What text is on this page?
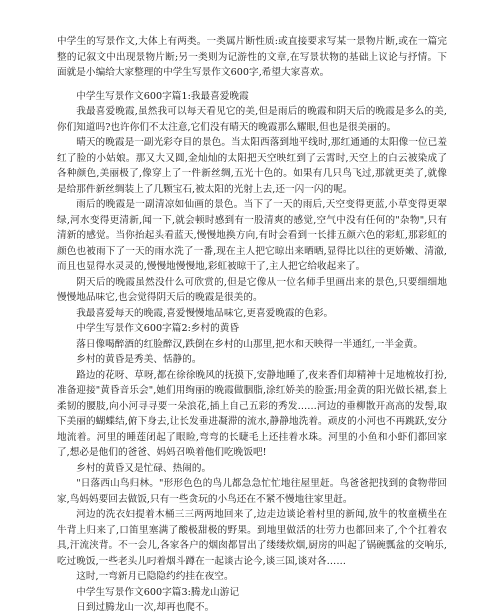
中学生的写景作文,大体上有两类。一类属片断性质:或直接要求写某一景物片断,或在一篇完整的记叙文中出现景物片断;另一类则为记游性的文章,在写景状物的基础上议论与抒情。下面就是小编给大家整理的中学生写景作文600字,希望大家喜欢。

中学生写景作文600字篇1:我最喜爱晚霞

我最喜爱晚霞,虽然我可以每天看见它的美,但是雨后的晚霞和阴天后的晚霞是多么的美,你们知道吗?也许你们不太注意,它们没有晴天的晚霞那么耀眼,但也是很美丽的。

晴天的晚霞是一副光彩夺目的景色。当太阳西落到地平线时,那红通通的太阳像一位已羞红了脸的小姑娘。那又大又圆,金灿灿的太阳把天空映红到了云霄时,天空上的白云被染成了各种颜色,美丽极了,像穿上了一件新丝绸,五光十色的。如果有几只鸟飞过,那就更美了,就像是给那件新丝绸装上了几颗宝石,被太阳的光射上去,还一闪一闪的呢。

雨后的晚霞是一副清凉如仙画的景色。当下了一天的雨后,天空变得更蓝,小草变得更翠绿,河水变得更清新,闻一下,就会顿时感到有一股清爽的感觉,空气中没有任何的"杂物",只有清新的感觉。当你抬起头看蓝天,慢慢地换方向,有时会看到一长排五颜六色的彩虹,那彩虹的颜色也被雨下了一天的雨水洗了一番,现在主人把它晾出来晒晒,显得比以往的更娇嫩、清澈,而且也显得水灵灵的,慢慢地慢慢地,彩虹被晾干了,主人把它给收起来了。

阴天后的晚霞虽然没什么可欣赏的,但是它像从一位名师手里画出来的景色,只要细细地慢慢地品味它,也会觉得阴天后的晚霞是很美的。

我最喜爱每天的晚霞,喜爱慢慢地品味它,更喜爱晚霞的色彩。

中学生写景作文600字篇2:乡村的黄昏

落日像喝醉酒的红脸醉汉,跌倒在乡村的山那里,把水和天映得一半通红,一半金黄。

乡村的黄昏是秀美、恬静的。

路边的花呀、草呀,都在徐徐晚风的抚摸下,安静地睡了,夜来香们却精神十足地梳妆打扮,准备迎接"黄昏音乐会",她们用绚丽的晚霞做胭脂,涂红娇美的脸蛋;用金黄的阳光做长裙,套上柔韧的腰肢,向小河寻寻要一朵浪花,插上自己五彩的秀发……河边的垂柳散开高高的发髻,取下美丽的蝴蝶结,俯下身去,让长发垂进凝滞的流水,静静地洗着。顽皮的小河也不再跳跃,安分地流着。河里的睡莲闭起了眼睑,弯弯的长睫毛上还挂着水珠。河里的小鱼和小虾们都回家了,想必是他们的爸爸、妈妈召唤着他们吃晚饭吧!

乡村的黄昏又是忙碌、热闹的。

"日落西山鸟归林。"形形色色的鸟儿都急急忙忙地往屋里赶。鸟爸爸把找到的食物带回家,鸟妈妈要回去做饭,只有一些贪玩的小鸟还在不紧不慢地往家里赶。

河边的洗衣妇提着木桶三三两两地回来了,边走边谈论着村里的新闻,放牛的牧童横坐在牛背上归来了,口笛里塞满了酸极甜极的野果。到地里做活的壮劳力也都回来了,个个扛着农具,汗流浃背。不一会儿,各家各户的烟囱都冒出了缕缕炊烟,厨房的叫起了锅碗瓢盆的交响乐,吃过晚饭,一些老头儿叼着烟斗蹲在一起谈古论今,谈三国,谈对各……

这时,一弯新月已隐隐约约挂在夜空。

中学生写景作文600字篇3:腾龙山游记

日到过腾龙山一次,却再也爬不。
